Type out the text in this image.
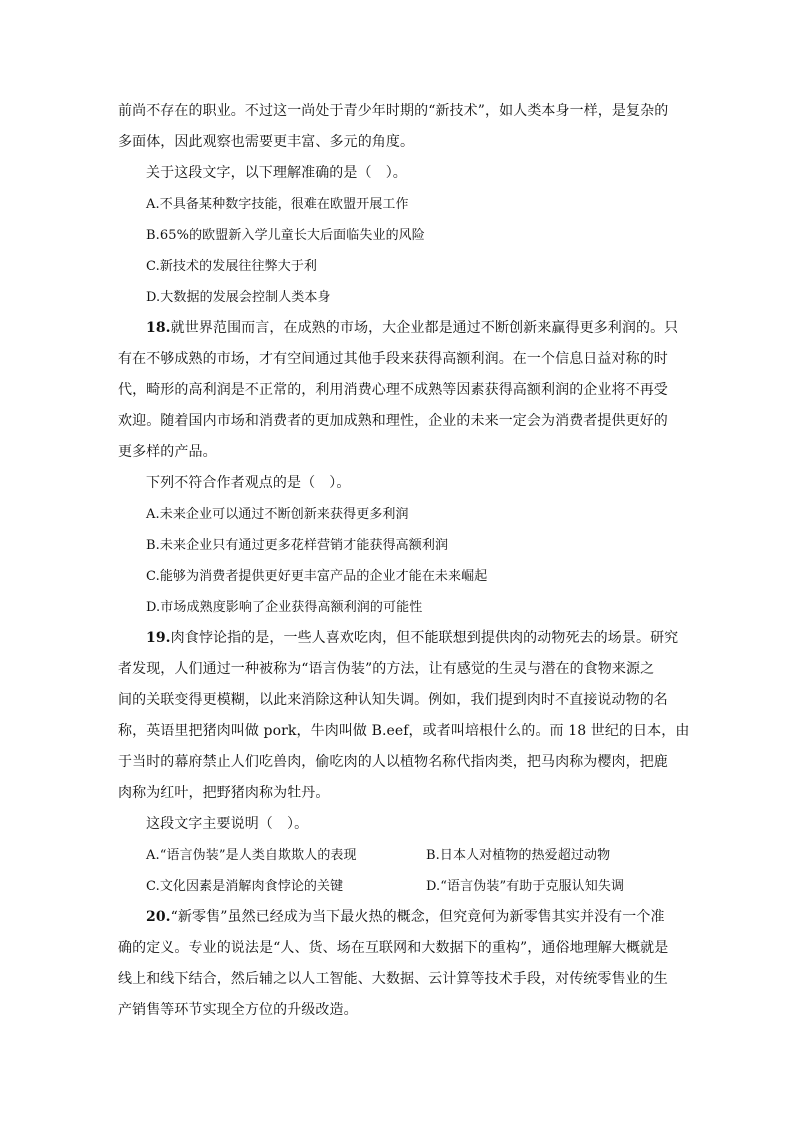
前尚不存在的职业。不过这一尚处于青少年时期的“新技术”，如人类本身一样，是复杂的
多面体，因此观察也需要更丰富、多元的角度。
关于这段文字，以下理解准确的是（　）。
A.不具备某种数字技能，很难在欧盟开展工作
B.65%的欧盟新入学儿童长大后面临失业的风险
C.新技术的发展往往弊大于利
D.大数据的发展会控制人类本身
18.就世界范围而言，在成熟的市场，大企业都是通过不断创新来赢得更多利润的。只
有在不够成熟的市场，才有空间通过其他手段来获得高额利润。在一个信息日益对称的时
代，畸形的高利润是不正常的，利用消费心理不成熟等因素获得高额利润的企业将不再受
欢迎。随着国内市场和消费者的更加成熟和理性，企业的未来一定会为消费者提供更好的
更多样的产品。
下列不符合作者观点的是（　）。
A.未来企业可以通过不断创新来获得更多利润
B.未来企业只有通过更多花样营销才能获得高额利润
C.能够为消费者提供更好更丰富产品的企业才能在未来崛起
D.市场成熟度影响了企业获得高额利润的可能性
19.肉食悖论指的是，一些人喜欢吃肉，但不能联想到提供肉的动物死去的场景。研究
者发现，人们通过一种被称为“语言伪装”的方法，让有感觉的生灵与潜在的食物来源之
间的关联变得更模糊，以此来消除这种认知失调。例如，我们提到肉时不直接说动物的名
称，英语里把猪肉叫做 pork，牛肉叫做 B.eef，或者叫培根什么的。而 18 世纪的日本，由
于当时的幕府禁止人们吃兽肉，偷吃肉的人以植物名称代指肉类，把马肉称为樱肉，把鹿
肉称为红叶，把野猪肉称为牡丹。
这段文字主要说明（　）。
A.“语言伪装”是人类自欺欺人的表现	B.日本人对植物的热爱超过动物
C.文化因素是消解肉食悖论的关键	D.“语言伪装”有助于克服认知失调
20.“新零售”虽然已经成为当下最火热的概念，但究竟何为新零售其实并没有一个准
确的定义。专业的说法是“人、货、场在互联网和大数据下的重构”，通俗地理解大概就是
线上和线下结合，然后辅之以人工智能、大数据、云计算等技术手段，对传统零售业的生
产销售等环节实现全方位的升级改造。
